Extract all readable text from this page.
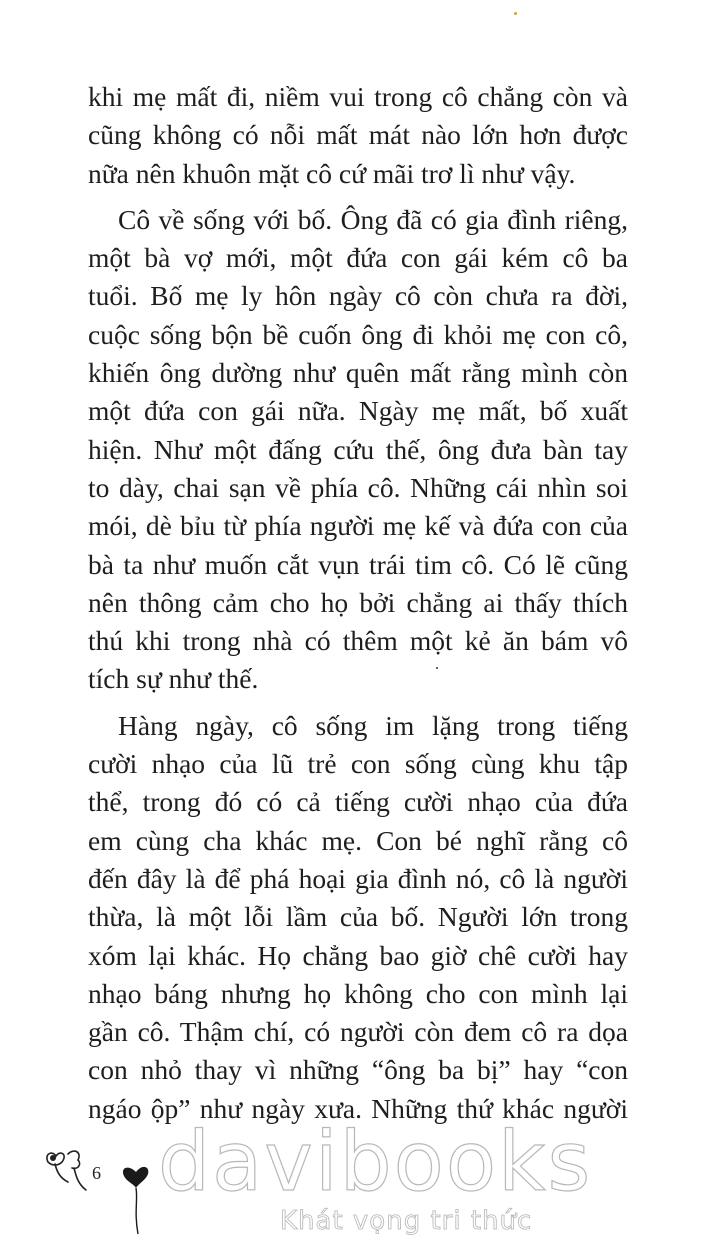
khi mẹ mất đi, niềm vui trong cô chẳng còn và
cũng không có nỗi mất mát nào lớn hơn được
nữa nên khuôn mặt cô cứ mãi trơ lì như vậy.

Cô về sống với bố. Ông đã có gia đình riêng,
một bà vợ mới, một đứa con gái kém cô ba
tuổi. Bố mẹ ly hôn ngày cô còn chưa ra đời,
cuộc sống bộn bề cuốn ông đi khỏi mẹ con cô,
khiến ông dường như quên mất rằng mình còn
một đứa con gái nữa. Ngày mẹ mất, bố xuất
hiện. Như một đấng cứu thế, ông đưa bàn tay
to dày, chai sạn về phía cô. Những cái nhìn soi
mói, dè bỉu từ phía người mẹ kế và đứa con của
bà ta như muốn cắt vụn trái tim cô. Có lẽ cũng
nên thông cảm cho họ bởi chẳng ai thấy thích
thú khi trong nhà có thêm một kẻ ăn bám vô
tích sự như thế.

Hàng ngày, cô sống im lặng trong tiếng
cười nhạo của lũ trẻ con sống cùng khu tập
thể, trong đó có cả tiếng cười nhạo của đứa
em cùng cha khác mẹ. Con bé nghĩ rằng cô
đến đây là để phá hoại gia đình nó, cô là người
thừa, là một lỗi lầm của bố. Người lớn trong
xóm lại khác. Họ chẳng bao giờ chê cười hay
nhạo báng nhưng họ không cho con mình lại
gần cô. Thậm chí, có người còn đem cô ra dọa
con nhỏ thay vì những “ông ba bị” hay “con
ngáo ộp” như ngày xưa. Những thứ khác người

6 davibooks
Khát vọng tri thức
